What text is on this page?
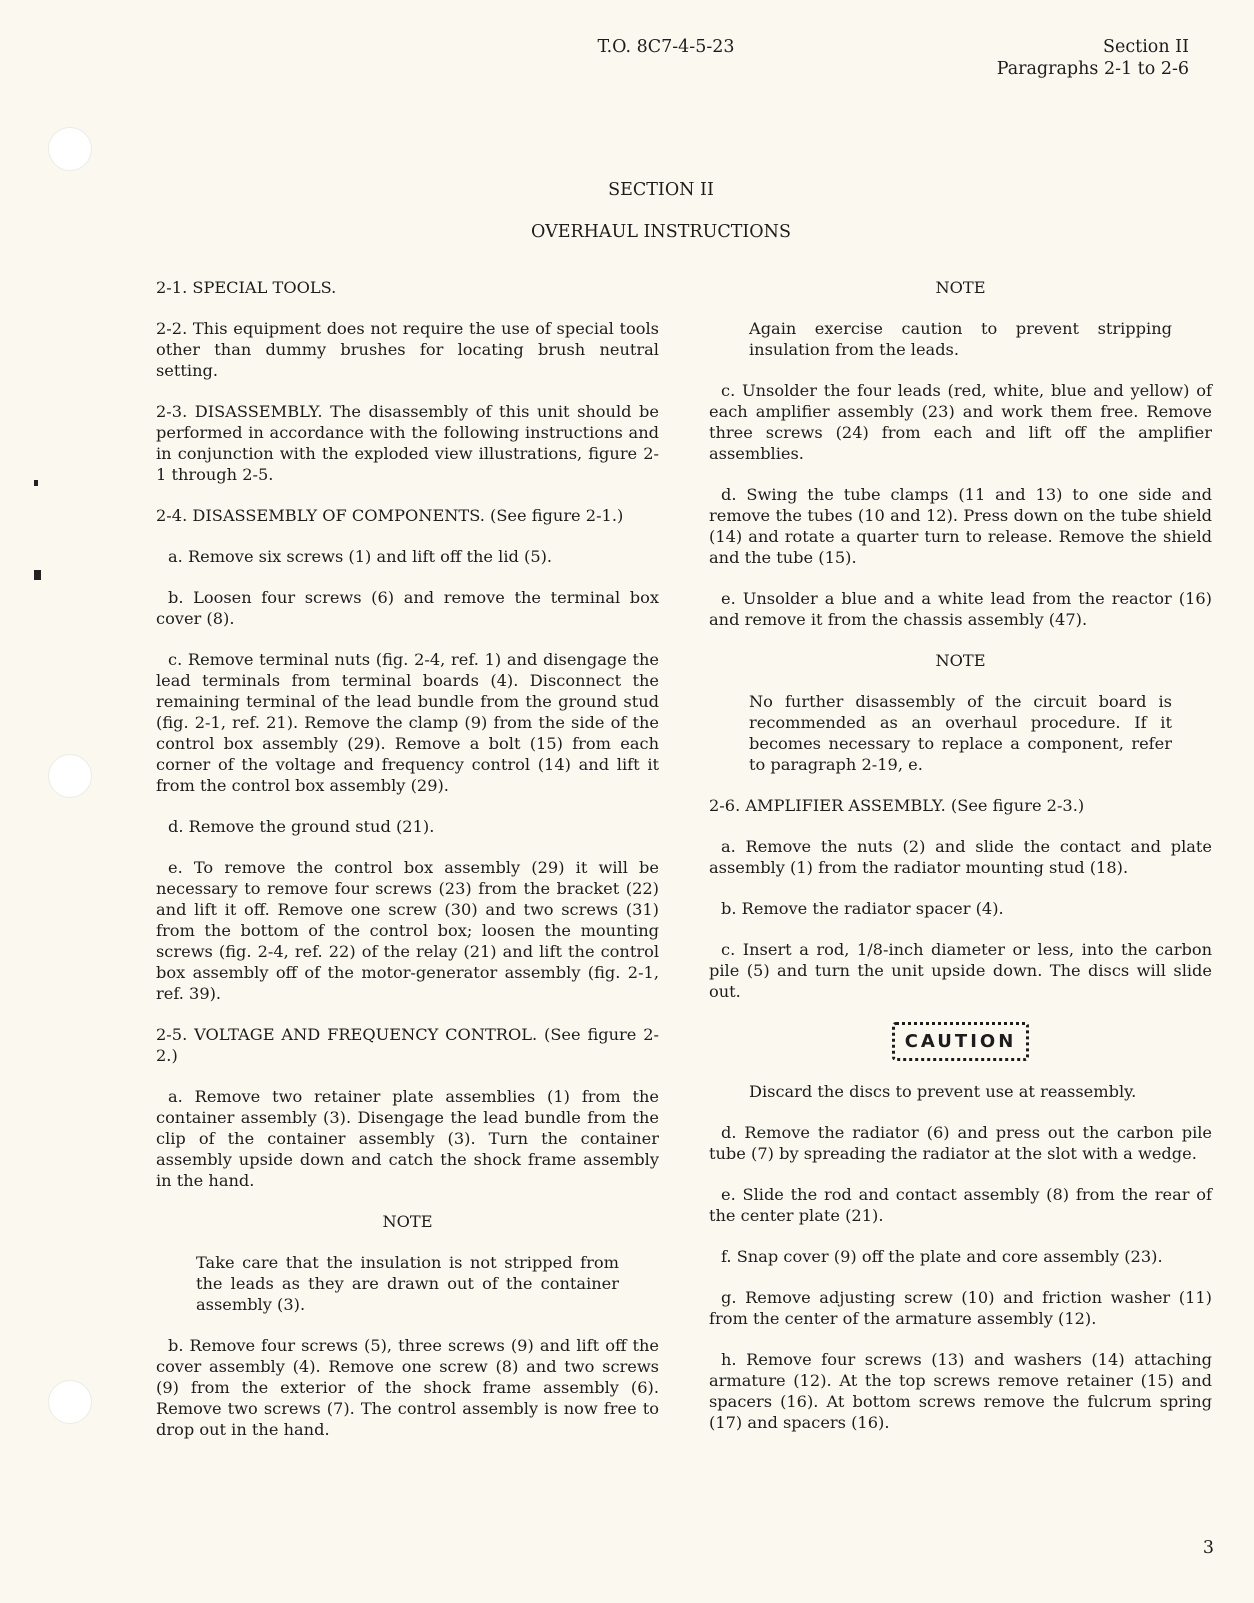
T.O. 8C7-4-5-23	Section II
Paragraphs 2-1 to 2-6
SECTION II
OVERHAUL INSTRUCTIONS

2-1. SPECIAL TOOLS.

2-2. This equipment does not require the use of special tools other than dummy brushes for locating brush neutral setting.

2-3. DISASSEMBLY. The disassembly of this unit should be performed in accordance with the following instructions and in conjunction with the exploded view illustrations, figure 2-1 through 2-5.

2-4. DISASSEMBLY OF COMPONENTS. (See figure 2-1.)

a. Remove six screws (1) and lift off the lid (5).

b. Loosen four screws (6) and remove the terminal box cover (8).

c. Remove terminal nuts (fig. 2-4, ref. 1) and disengage the lead terminals from terminal boards (4). Disconnect the remaining terminal of the lead bundle from the ground stud (fig. 2-1, ref. 21). Remove the clamp (9) from the side of the control box assembly (29). Remove a bolt (15) from each corner of the voltage and frequency control (14) and lift it from the control box assembly (29).

d. Remove the ground stud (21).

e. To remove the control box assembly (29) it will be necessary to remove four screws (23) from the bracket (22) and lift it off. Remove one screw (30) and two screws (31) from the bottom of the control box; loosen the mounting screws (fig. 2-4, ref. 22) of the relay (21) and lift the control box assembly off of the motor-generator assembly (fig. 2-1, ref. 39).

2-5. VOLTAGE AND FREQUENCY CONTROL. (See figure 2-2.)

a. Remove two retainer plate assemblies (1) from the container assembly (3). Disengage the lead bundle from the clip of the container assembly (3). Turn the container assembly upside down and catch the shock frame assembly in the hand.

NOTE

Take care that the insulation is not stripped from the leads as they are drawn out of the container assembly (3).

b. Remove four screws (5), three screws (9) and lift off the cover assembly (4). Remove one screw (8) and two screws (9) from the exterior of the shock frame assembly (6). Remove two screws (7). The control assembly is now free to drop out in the hand.

NOTE

Again exercise caution to prevent stripping insulation from the leads.

c. Unsolder the four leads (red, white, blue and yellow) of each amplifier assembly (23) and work them free. Remove three screws (24) from each and lift off the amplifier assemblies.

d. Swing the tube clamps (11 and 13) to one side and remove the tubes (10 and 12). Press down on the tube shield (14) and rotate a quarter turn to release. Remove the shield and the tube (15).

e. Unsolder a blue and a white lead from the reactor (16) and remove it from the chassis assembly (47).

NOTE

No further disassembly of the circuit board is recommended as an overhaul procedure. If it becomes necessary to replace a component, refer to paragraph 2-19, e.

2-6. AMPLIFIER ASSEMBLY. (See figure 2-3.)

a. Remove the nuts (2) and slide the contact and plate assembly (1) from the radiator mounting stud (18).

b. Remove the radiator spacer (4).

c. Insert a rod, 1/8-inch diameter or less, into the carbon pile (5) and turn the unit upside down. The discs will slide out.

CAUTION

Discard the discs to prevent use at reassembly.

d. Remove the radiator (6) and press out the carbon pile tube (7) by spreading the radiator at the slot with a wedge.

e. Slide the rod and contact assembly (8) from the rear of the center plate (21).

f. Snap cover (9) off the plate and core assembly (23).

g. Remove adjusting screw (10) and friction washer (11) from the center of the armature assembly (12).

h. Remove four screws (13) and washers (14) attaching armature (12). At the top screws remove retainer (15) and spacers (16). At bottom screws remove the fulcrum spring (17) and spacers (16).

3
